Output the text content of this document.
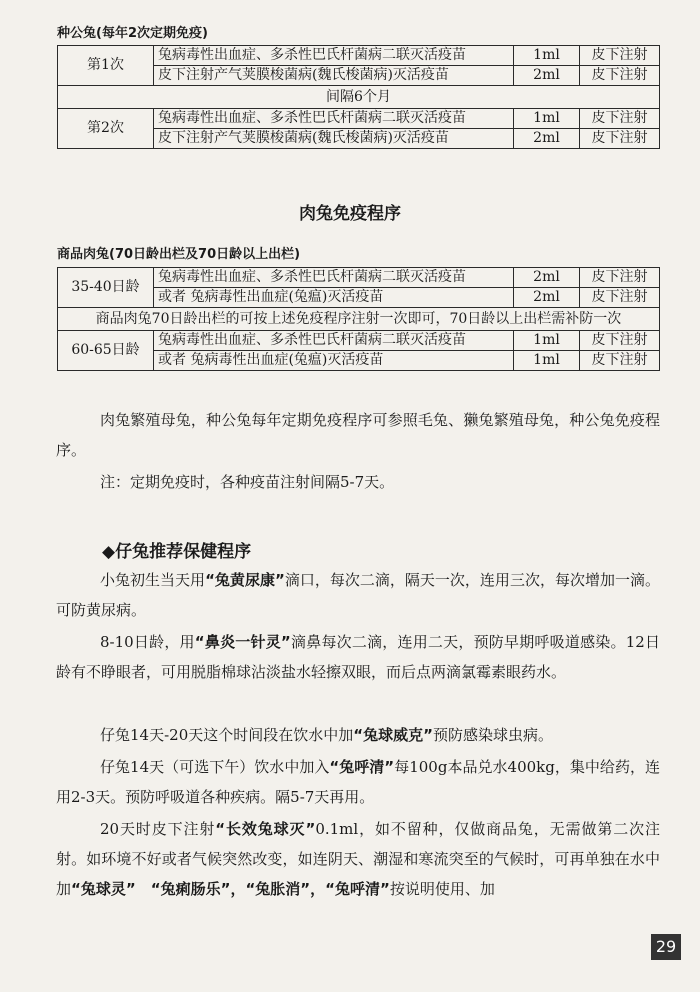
种公兔(每年2次定期免疫)
第1次	兔病毒性出血症、多杀性巴氏杆菌病二联灭活疫苗	1ml	皮下注射
	皮下注射产气荚膜梭菌病(魏氏梭菌病)灭活疫苗	2ml	皮下注射
间隔6个月			
第2次	兔病毒性出血症、多杀性巴氏杆菌病二联灭活疫苗	1ml	皮下注射
	皮下注射产气荚膜梭菌病(魏氏梭菌病)灭活疫苗	2ml	皮下注射
肉兔免疫程序
商品肉兔(70日龄出栏及70日龄以上出栏)
35-40日龄	兔病毒性出血症、多杀性巴氏杆菌病二联灭活疫苗	2ml	皮下注射
	或者 兔病毒性出血症(兔瘟)灭活疫苗	2ml	皮下注射
商品肉兔70日龄出栏的可按上述免疫程序注射一次即可，70日龄以上出栏需补防一次			
60-65日龄	兔病毒性出血症、多杀性巴氏杆菌病二联灭活疫苗	1ml	皮下注射
	或者 兔病毒性出血症(兔瘟)灭活疫苗	1ml	皮下注射
肉兔繁殖母兔，种公兔每年定期免疫程序可参照毛兔、獭兔繁殖母兔，种公兔免疫程序。
注：定期免疫时，各种疫苗注射间隔5-7天。
◆仔兔推荐保健程序
小兔初生当天用“兔黄尿康”滴口，每次二滴，隔天一次，连用三次，每次增加一滴。可防黄尿病。
8-10日龄，用“鼻炎一针灵”滴鼻每次二滴，连用二天，预防早期呼吸道感染。12日龄有不睁眼者，可用脱脂棉球沾淡盐水轻擦双眼，而后点两滴氯霉素眼药水。
仔兔14天-20天这个时间段在饮水中加“兔球威克”预防感染球虫病。
仔兔14天（可选下午）饮水中加入“兔呼清”每100g本品兑水400kg，集中给药，连用2-3天。预防呼吸道各种疾病。隔5-7天再用。
20天时皮下注射“长效兔球灭”0.1ml，如不留种，仅做商品兔，无需做第二次注射。如环境不好或者气候突然改变，如连阴天、潮湿和寒流突至的气候时，可再单独在水中加“兔球灵”  “兔痢肠乐”，“兔胀消”，“兔呼清”按说明使用、加
29
